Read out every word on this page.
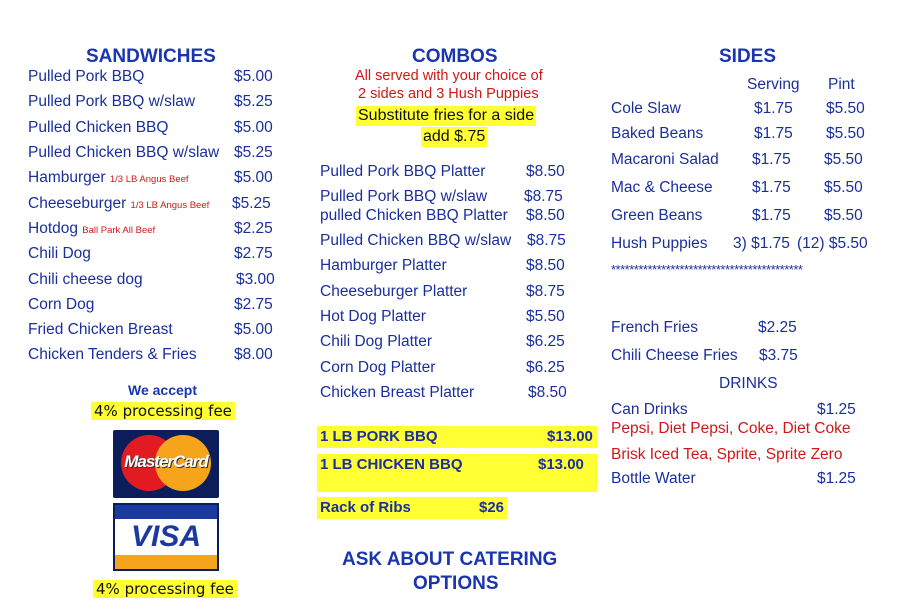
SANDWICHES
Pulled Pork BBQ	$5.00
Pulled Pork BBQ w/slaw	$5.25
Pulled Chicken BBQ	$5.00
Pulled Chicken BBQ w/slaw $5.25
Hamburger 1/3 LB Angus Beef	$5.00
Cheeseburger 1/3 LB Angus Beef $5.25
Hotdog Ball Park All Beef	$2.25
Chili Dog	$2.75
Chili cheese dog	$3.00
Corn Dog	$2.75
Fried Chicken Breast	$5.00
Chicken Tenders & Fries $8.00
We accept
4% processing fee
MasterCard
VISA
4% processing fee
COMBOS
All served with your choice of
2 sides and 3 Hush Puppies
Substitute fries for a side
add $.75
Pulled Pork BBQ Platter	$8.50
Pulled Pork BBQ w/slaw $8.75
pulled Chicken BBQ Platter $8.50
Pulled Chicken BBQ w/slaw $8.75
Hamburger Platter	$8.50
Cheeseburger Platter	$8.75
Hot Dog Platter	$5.50
Chili Dog Platter	$6.25
Corn Dog Platter	$6.25
Chicken Breast Platter	$8.50
1 LB PORK BBQ	$13.00
1 LB CHICKEN BBQ	$13.00
Rack of Ribs	$26
ASK ABOUT CATERING
OPTIONS
SIDES
Serving Pint
Cole Slaw	$1.75 $5.50
Baked Beans	$1.75 $5.50
Macaroni Salad $1.75 $5.50
Mac & Cheese	$1.75 $5.50
Green Beans	$1.75 $5.50
Hush Puppies 3) $1.75 (12) $5.50
******************************************
French Fries	$2.25
Chili Cheese Fries $3.75
DRINKS
Can Drinks	$1.25
Pepsi, Diet Pepsi, Coke, Diet Coke
Brisk Iced Tea, Sprite, Sprite Zero
Bottle Water	$1.25
